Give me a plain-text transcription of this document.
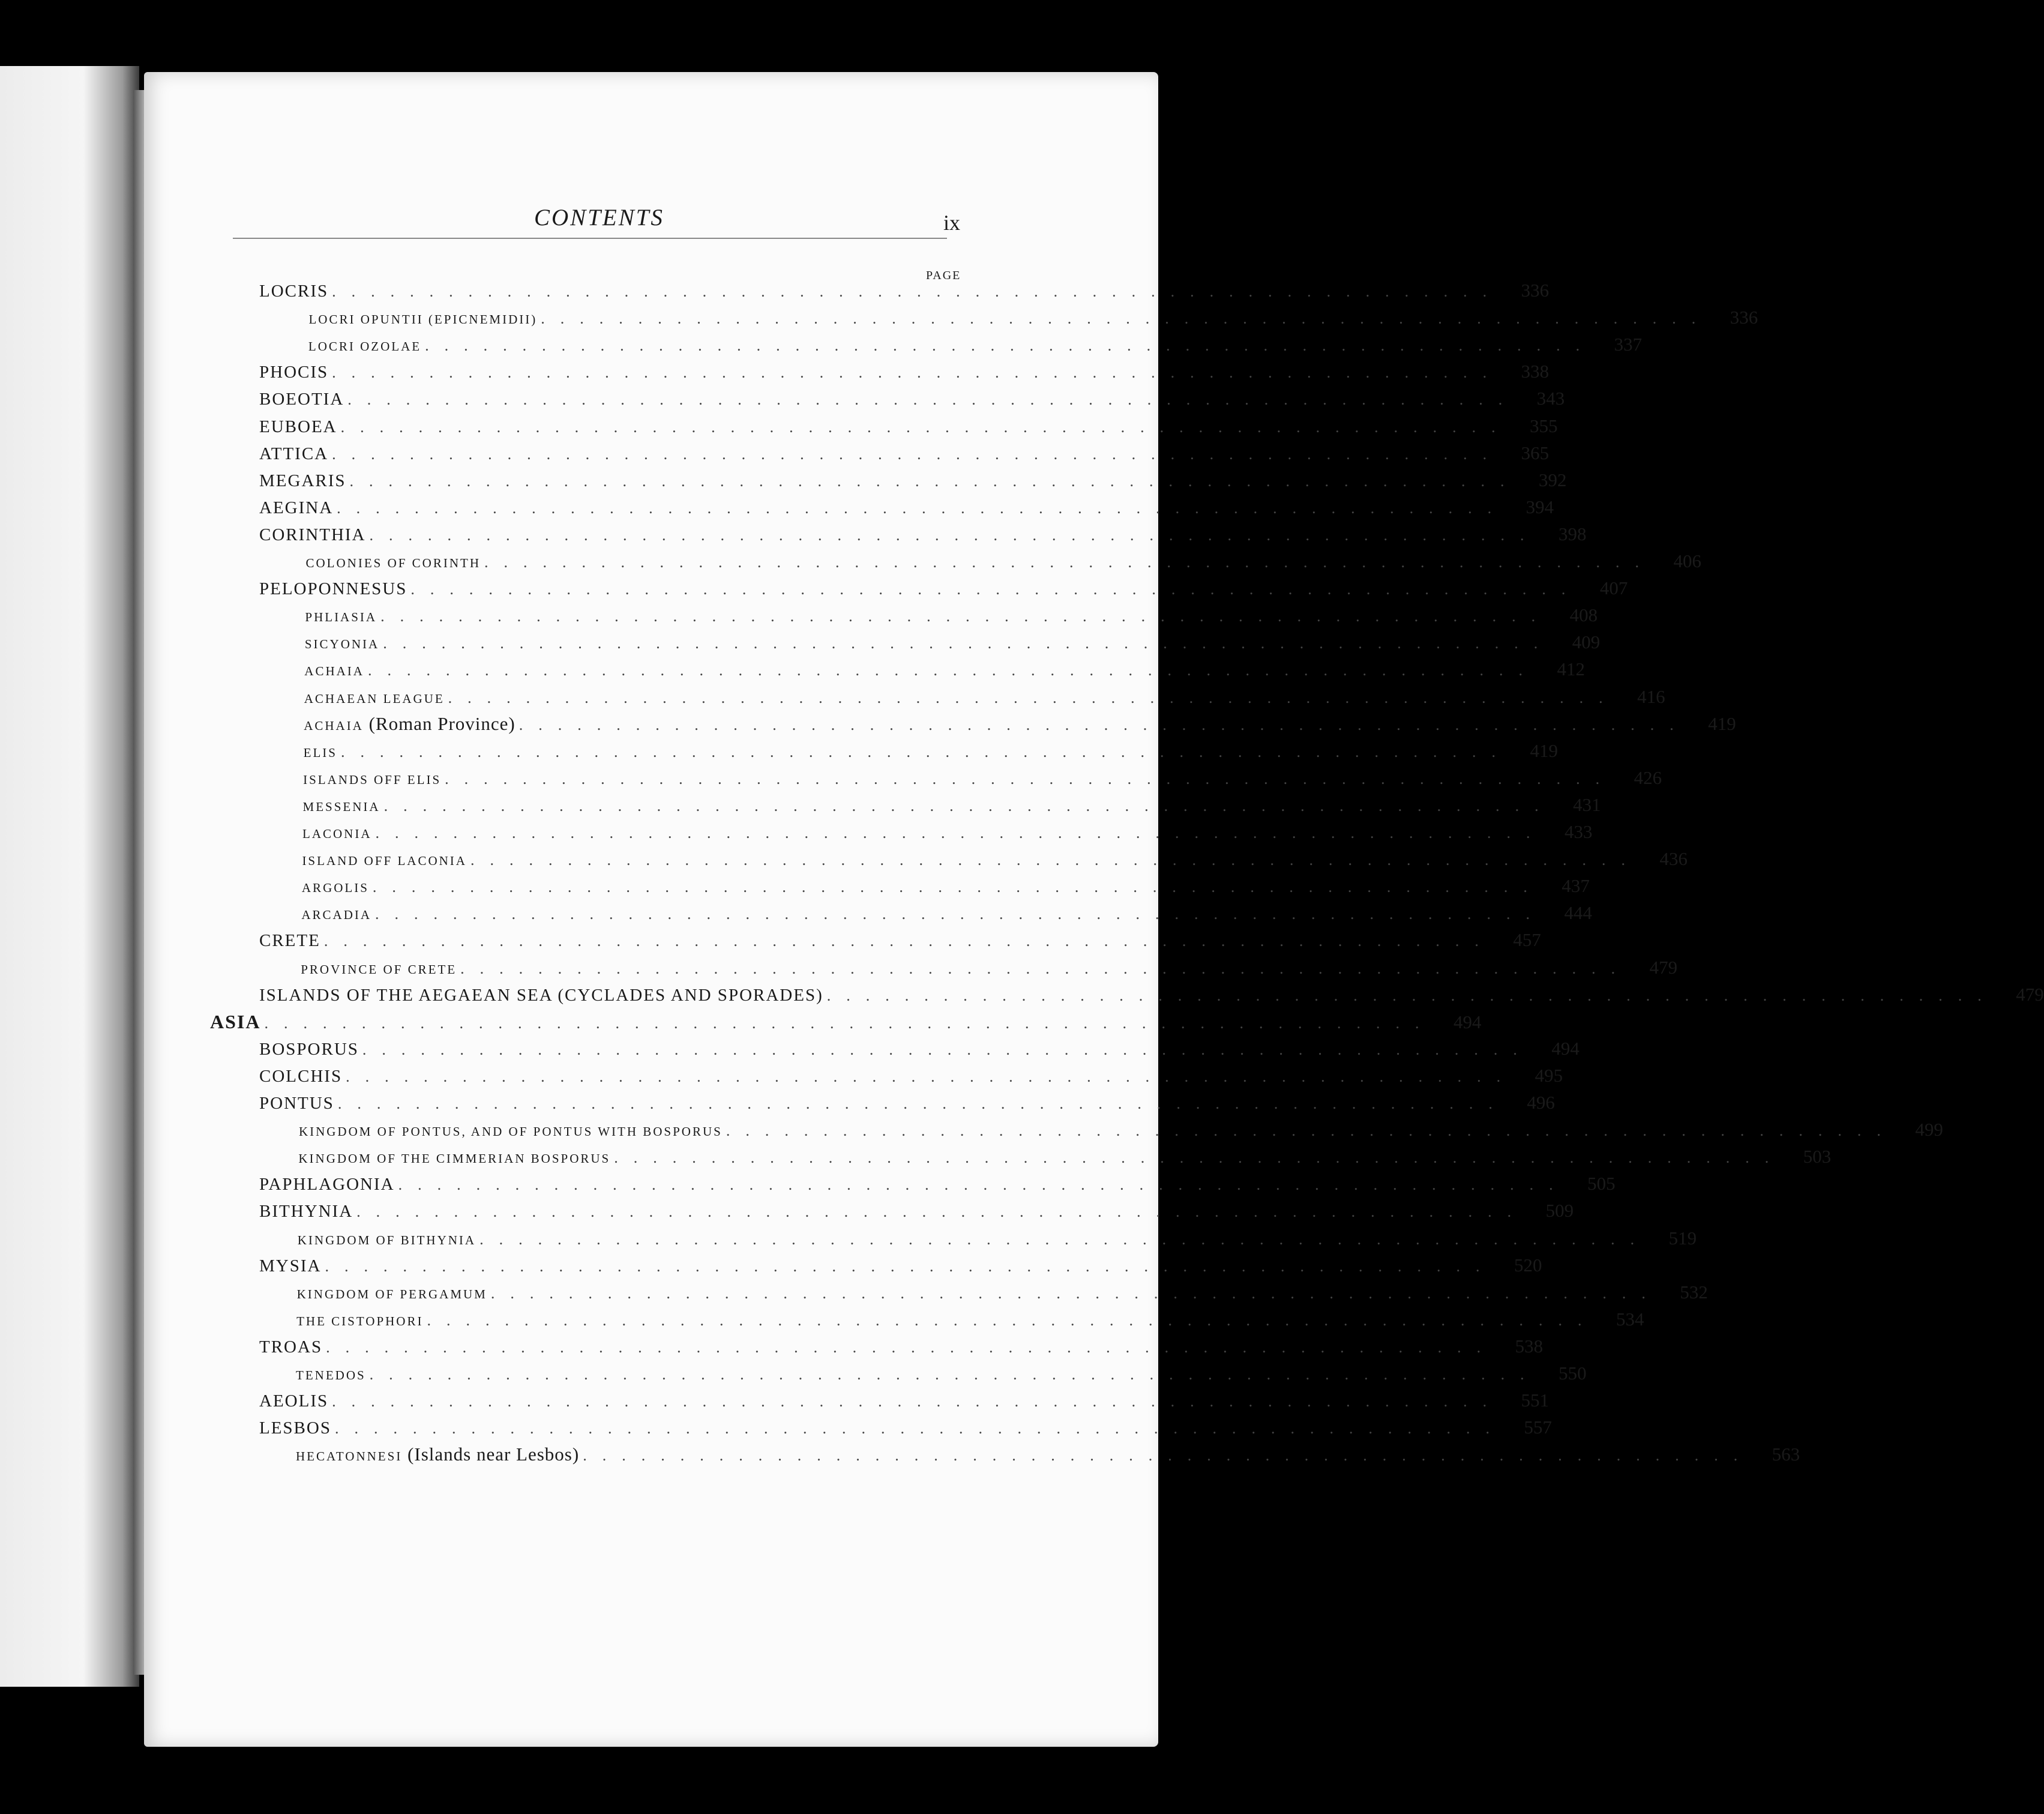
CONTENTS	ix
PAGE
LOCRIS ............................................................	336
LOCRI OPUNTII (EPICNEMIDII) ............................................................	336
LOCRI OZOLAE ............................................................	337
PHOCIS ............................................................	338
BOEOTIA ............................................................	343
EUBOEA ............................................................	355
ATTICA ............................................................	365
MEGARIS ............................................................	392
AEGINA ............................................................	394
CORINTHIA ............................................................	398
COLONIES OF CORINTH ............................................................	406
PELOPONNESUS ............................................................	407
PHLIASIA ............................................................	408
SICYONIA ............................................................	409
ACHAIA ............................................................	412
ACHAEAN LEAGUE ............................................................	416
ACHAIA (Roman Province) ............................................................	419
ELIS ............................................................	419
ISLANDS OFF ELIS ............................................................	426
MESSENIA ............................................................	431
LACONIA ............................................................	433
ISLAND OFF LACONIA ............................................................	436
ARGOLIS ............................................................	437
ARCADIA ............................................................	444
CRETE ............................................................	457
PROVINCE OF CRETE ............................................................	479
ISLANDS OF THE AEGAEAN SEA (CYCLADES AND SPORADES) ............................................................	479
ASIA ............................................................	494
BOSPORUS ............................................................	494
COLCHIS ............................................................	495
PONTUS ............................................................	496
KINGDOM OF PONTUS, AND OF PONTUS WITH BOSPORUS ............................................................	499
KINGDOM OF THE CIMMERIAN BOSPORUS ............................................................	503
PAPHLAGONIA ............................................................	505
BITHYNIA ............................................................	509
KINGDOM OF BITHYNIA ............................................................	519
MYSIA ............................................................	520
KINGDOM OF PERGAMUM ............................................................	532
THE CISTOPHORI ............................................................	534
TROAS ............................................................	538
TENEDOS ............................................................	550
AEOLIS ............................................................	551
LESBOS ............................................................	557
HECATONNESI (Islands near Lesbos) ............................................................	563
